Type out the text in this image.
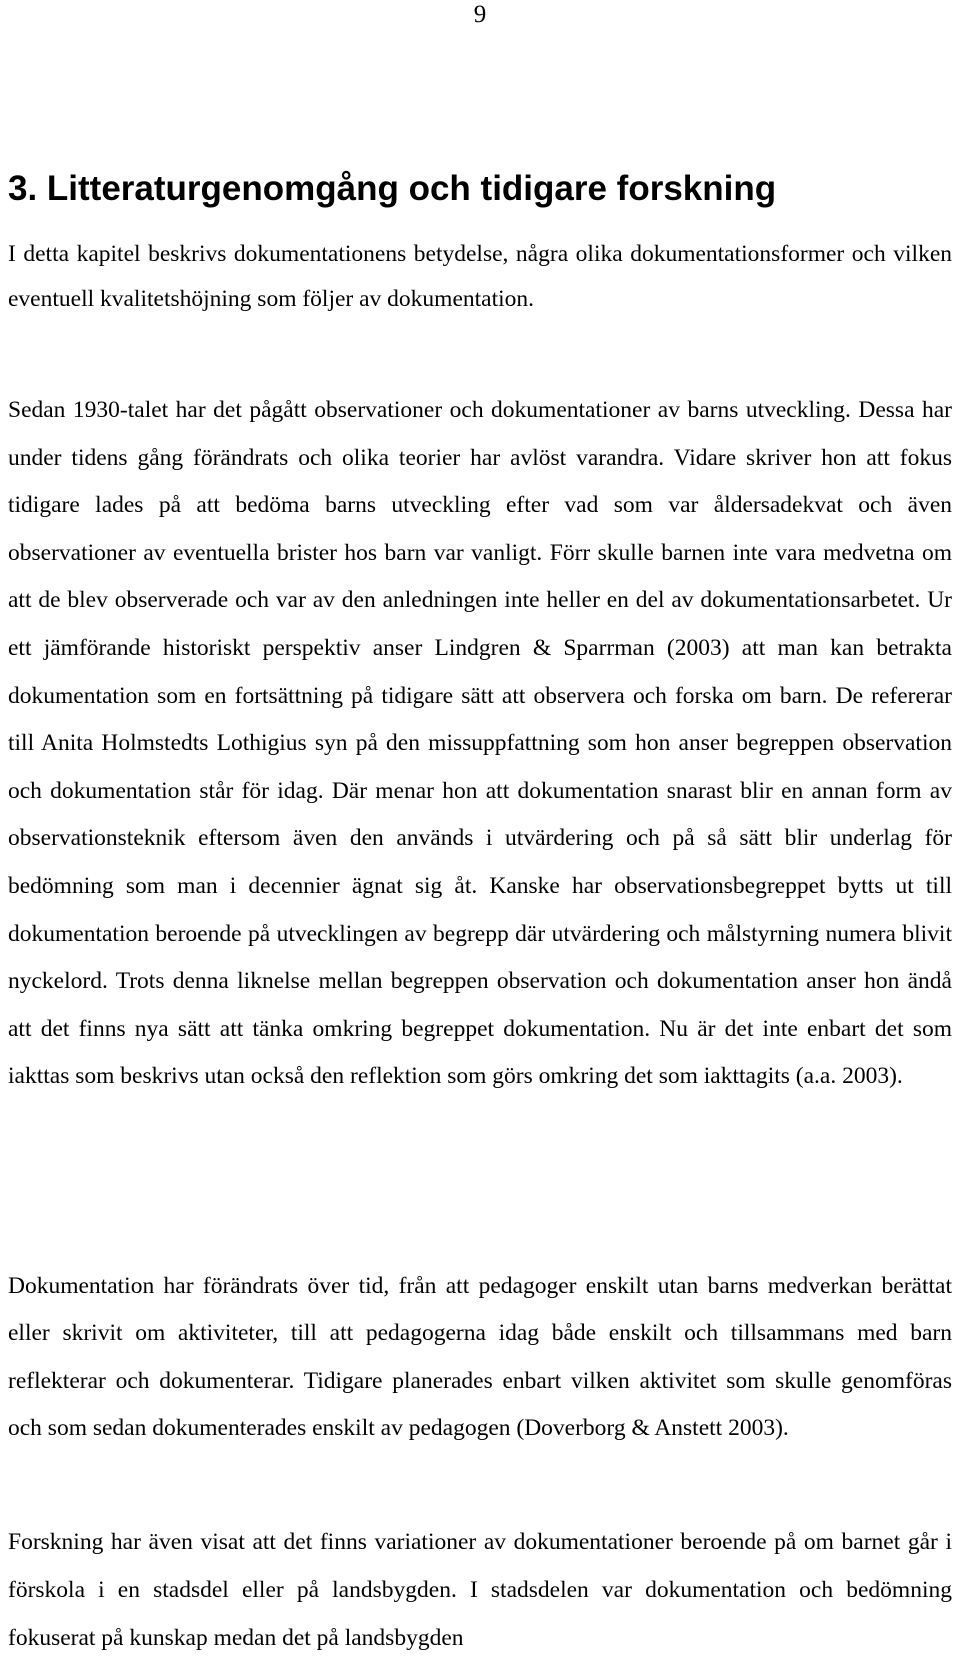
9
3. Litteraturgenomgång och tidigare forskning

I detta kapitel beskrivs dokumentationens betydelse, några olika dokumentationsformer och vilken eventuell kvalitetshöjning som följer av dokumentation.

Sedan 1930-talet har det pågått observationer och dokumentationer av barns utveckling. Dessa har under tidens gång förändrats och olika teorier har avlöst varandra. Vidare skriver hon att fokus tidigare lades på att bedöma barns utveckling efter vad som var åldersadekvat och även observationer av eventuella brister hos barn var vanligt. Förr skulle barnen inte vara medvetna om att de blev observerade och var av den anledningen inte heller en del av dokumentationsarbetet. Ur ett jämförande historiskt perspektiv anser Lindgren & Sparrman (2003) att man kan betrakta dokumentation som en fortsättning på tidigare sätt att observera och forska om barn. De refererar till Anita Holmstedts Lothigius syn på den missuppfattning som hon anser begreppen observation och dokumentation står för idag. Där menar hon att dokumentation snarast blir en annan form av observationsteknik eftersom även den används i utvärdering och på så sätt blir underlag för bedömning som man i decennier ägnat sig åt. Kanske har observationsbegreppet bytts ut till dokumentation beroende på utvecklingen av begrepp där utvärdering och målstyrning numera blivit nyckelord. Trots denna liknelse mellan begreppen observation och dokumentation anser hon ändå att det finns nya sätt att tänka omkring begreppet dokumentation. Nu är det inte enbart det som iakttas som beskrivs utan också den reflektion som görs omkring det som iakttagits (a.a. 2003).

Dokumentation har förändrats över tid, från att pedagoger enskilt utan barns medverkan berättat eller skrivit om aktiviteter, till att pedagogerna idag både enskilt och tillsammans med barn reflekterar och dokumenterar. Tidigare planerades enbart vilken aktivitet som skulle genomföras och som sedan dokumenterades enskilt av pedagogen (Doverborg & Anstett 2003).

Forskning har även visat att det finns variationer av dokumentationer beroende på om barnet går i förskola i en stadsdel eller på landsbygden. I stadsdelen var dokumentation och bedömning fokuserat på kunskap medan det på landsbygden
